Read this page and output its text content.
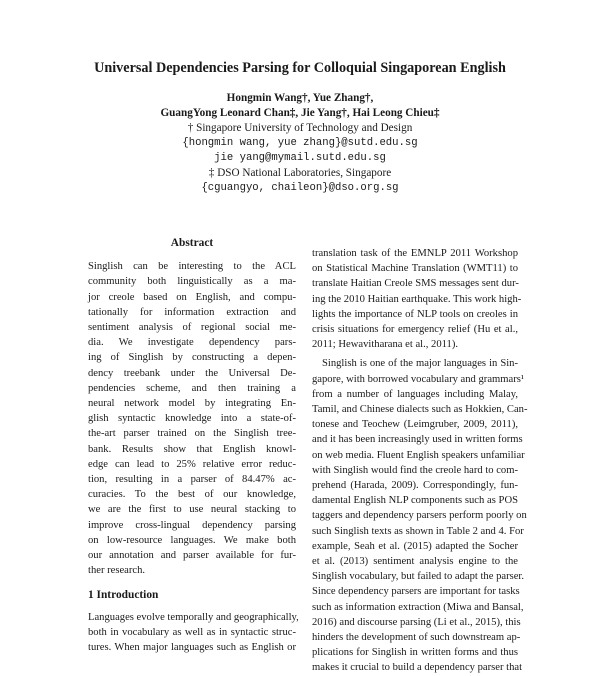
Universal Dependencies Parsing for Colloquial Singaporean English
Hongmin Wang†, Yue Zhang†,
GuangYong Leonard Chan‡, Jie Yang†, Hai Leong Chieu‡
† Singapore University of Technology and Design
{hongmin wang, yue zhang}@sutd.edu.sg
jie yang@mymail.sutd.edu.sg
‡ DSO National Laboratories, Singapore
{cguangyo, chaileon}@dso.org.sg
Abstract
Singlish can be interesting to the ACL
community both linguistically as a ma-
jor creole based on English, and compu-
tationally for information extraction and
sentiment analysis of regional social me-
dia. We investigate dependency pars-
ing of Singlish by constructing a depen-
dency treebank under the Universal De-
pendencies scheme, and then training a
neural network model by integrating En-
glish syntactic knowledge into a state-of-
the-art parser trained on the Singlish tree-
bank. Results show that English knowl-
edge can lead to 25% relative error reduc-
tion, resulting in a parser of 84.47% ac-
curacies. To the best of our knowledge,
we are the first to use neural stacking to
improve cross-lingual dependency parsing
on low-resource languages. We make both
our annotation and parser available for fur-
ther research.
1 Introduction
Languages evolve temporally and geographically,
both in vocabulary as well as in syntactic struc-
tures. When major languages such as English or
translation task of the EMNLP 2011 Workshop
on Statistical Machine Translation (WMT11) to
translate Haitian Creole SMS messages sent dur-
ing the 2010 Haitian earthquake. This work high-
lights the importance of NLP tools on creoles in
crisis situations for emergency relief (Hu et al.,
2011; Hewavitharana et al., 2011).
Singlish is one of the major languages in Sin-
gapore, with borrowed vocabulary and grammars¹
from a number of languages including Malay,
Tamil, and Chinese dialects such as Hokkien, Can-
tonese and Teochew (Leimgruber, 2009, 2011),
and it has been increasingly used in written forms
on web media. Fluent English speakers unfamiliar
with Singlish would find the creole hard to com-
prehend (Harada, 2009). Correspondingly, fun-
damental English NLP components such as POS
taggers and dependency parsers perform poorly on
such Singlish texts as shown in Table 2 and 4. For
example, Seah et al. (2015) adapted the Socher
et al. (2013) sentiment analysis engine to the
Singlish vocabulary, but failed to adapt the parser.
Since dependency parsers are important for tasks
such as information extraction (Miwa and Bansal,
2016) and discourse parsing (Li et al., 2015), this
hinders the development of such downstream ap-
plications for Singlish in written forms and thus
makes it crucial to build a dependency parser that
